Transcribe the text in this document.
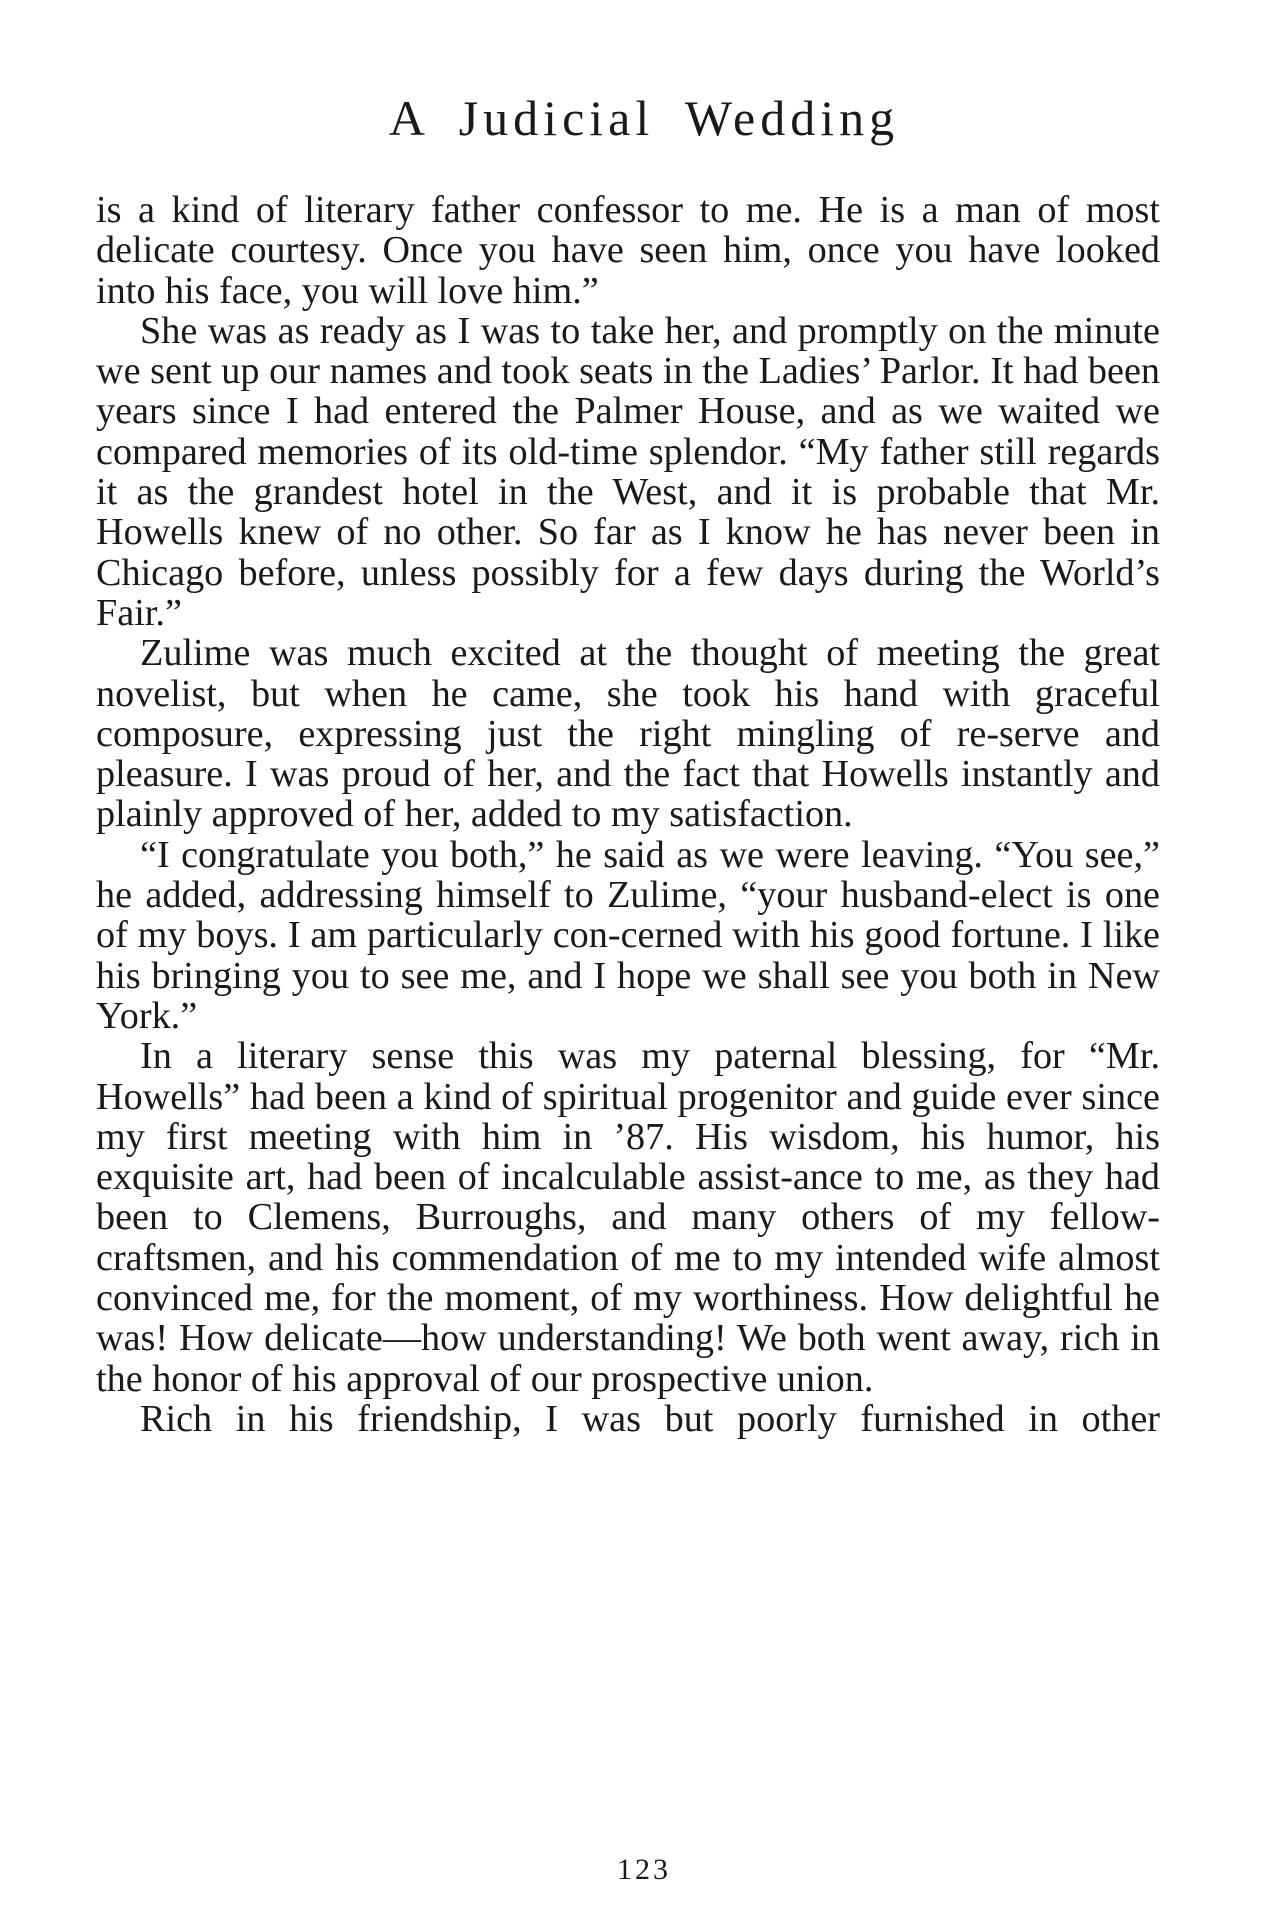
A Judicial Wedding

is a kind of literary father confessor to me. He is a man of most delicate courtesy. Once you have seen him, once you have looked into his face, you will love him.”

She was as ready as I was to take her, and promptly on the minute we sent up our names and took seats in the Ladies’ Parlor. It had been years since I had entered the Palmer House, and as we waited we compared memories of its old-time splendor. “My father still regards it as the grandest hotel in the West, and it is probable that Mr. Howells knew of no other. So far as I know he has never been in Chicago before, unless possibly for a few days during the World’s Fair.”

Zulime was much excited at the thought of meeting the great novelist, but when he came, she took his hand with graceful composure, expressing just the right mingling of re-serve and pleasure. I was proud of her, and the fact that Howells instantly and plainly approved of her, added to my satisfaction.

“I congratulate you both,” he said as we were leaving. “You see,” he added, addressing himself to Zulime, “your husband-elect is one of my boys. I am particularly con-cerned with his good fortune. I like his bringing you to see me, and I hope we shall see you both in New York.”

In a literary sense this was my paternal blessing, for “Mr. Howells” had been a kind of spiritual progenitor and guide ever since my first meeting with him in ’87. His wisdom, his humor, his exquisite art, had been of incalculable assist-ance to me, as they had been to Clemens, Burroughs, and many others of my fellow-craftsmen, and his commendation of me to my intended wife almost convinced me, for the moment, of my worthiness. How delightful he was! How delicate—how understanding! We both went away, rich in the honor of his approval of our prospective union.

Rich in his friendship, I was but poorly furnished in other

123
